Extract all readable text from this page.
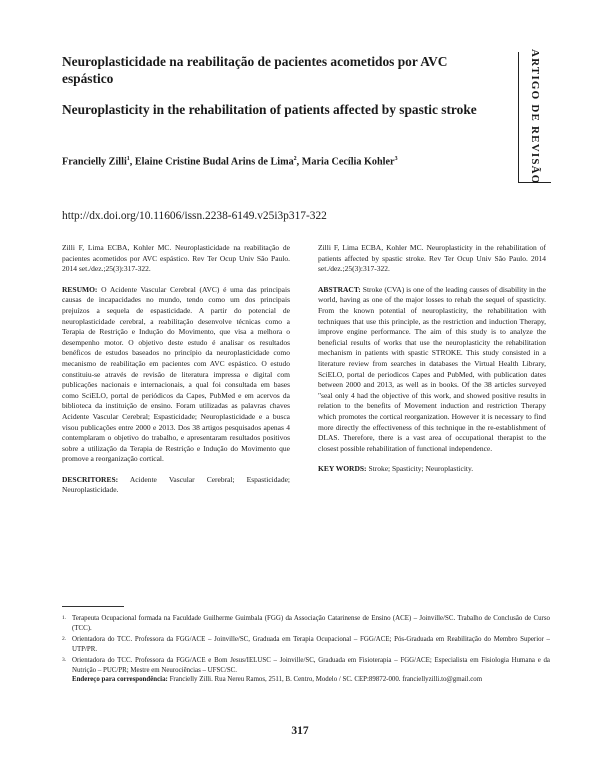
Neuroplasticidade na reabilitação de pacientes acometidos por AVC espástico
Neuroplasticity in the rehabilitation of patients affected by spastic stroke	ARTIGO DE REVISÃO
Francielly Zilli$^1$, Elaine Cristine Budal Arins de Lima$^2$, Maria Cecília Kohler$^3$
http://dx.doi.org/10.11606/issn.2238-6149.v25i3p317-322

Zilli F, Lima ECBA, Kohler MC. Neuroplasticidade na reabilitação de pacientes acometidos por AVC espástico. Rev Ter Ocup Univ São Paulo. 2014 set./dez.;25(3):317-322.

RESUMO: O Acidente Vascular Cerebral (AVC) é uma das principais causas de incapacidades no mundo, tendo como um dos principais prejuízos a sequela de espasticidade. A partir do potencial de neuroplasticidade cerebral, a reabilitação desenvolve técnicas como a Terapia de Restrição e Indução do Movimento, que visa a melhora o desempenho motor. O objetivo deste estudo é analisar os resultados benéficos de estudos baseados no princípio da neuroplasticidade como mecanismo de reabilitação em pacientes com AVC espástico. O estudo constituiu-se através de revisão de literatura impressa e digital com publicações nacionais e internacionais, a qual foi consultada em bases como SciELO, portal de periódicos da Capes, PubMed e em acervos da biblioteca da instituição de ensino. Foram utilizadas as palavras chaves Acidente Vascular Cerebral; Espasticidade; Neuroplasticidade e a busca visou publicações entre 2000 e 2013. Dos 38 artigos pesquisados apenas 4 contemplaram o objetivo do trabalho, e apresentaram resultados positivos sobre a utilização da Terapia de Restrição e Indução do Movimento que promove a reorganização cortical.

DESCRITORES: Acidente Vascular Cerebral; Espasticidade; Neuroplasticidade.

Zilli F, Lima ECBA, Kohler MC. Neuroplasticity in the rehabilitation of patients affected by spastic stroke. Rev Ter Ocup Univ São Paulo. 2014 set./dez.;25(3):317-322.

ABSTRACT: Stroke (CVA) is one of the leading causes of disability in the world, having as one of the major losses to rehab the sequel of spasticity. From the known potential of neuroplasticity, the rehabilitation with techniques that use this principle, as the restriction and induction Therapy, improve engine performance. The aim of this study is to analyze the beneficial results of works that use the neuroplasticity the rehabilitation mechanism in patients with spastic STROKE. This study consisted in a literature review from searches in databases the Virtual Health Library, SciELO, portal de periodicos Capes and PubMed, with publication dates between 2000 and 2013, as well as in books. Of the 38 articles surveyed "seal only 4 had the objective of this work, and showed positive results in relation to the benefits of Movement induction and restriction Therapy which promotes the cortical reorganization. However it is necessary to find more directly the effectiveness of this technique in the re-establishment of DLAS. Therefore, there is a vast area of occupational therapist to the closest possible rehabilitation of functional independence.

KEY WORDS: Stroke; Spasticity; Neuroplasticity.

1. Terapeuta Ocupacional formada na Faculdade Guilherme Guimbala (FGG) da Associação Catarinense de Ensino (ACE) – Joinville/SC. Trabalho de Conclusão de Curso (TCC).
2. Orientadora do TCC. Professora da FGG/ACE – Joinville/SC, Graduada em Terapia Ocupacional – FGG/ACE; Pós-Graduada em Reabilitação do Membro Superior – UTP/PR.
3. Orientadora do TCC. Professora da FGG/ACE e Bom Jesus/IELUSC – Joinville/SC, Graduada em Fisioterapia – FGG/ACE; Especialista em Fisiologia Humana e da Nutrição – PUC/PR; Mestre em Neurociências – UFSC/SC.
Endereço para correspondência: Francielly Zilli. Rua Nereu Ramos, 2511, B. Centro, Modelo / SC. CEP:89872-000. franciellyzilli.to@gmail.com
317
